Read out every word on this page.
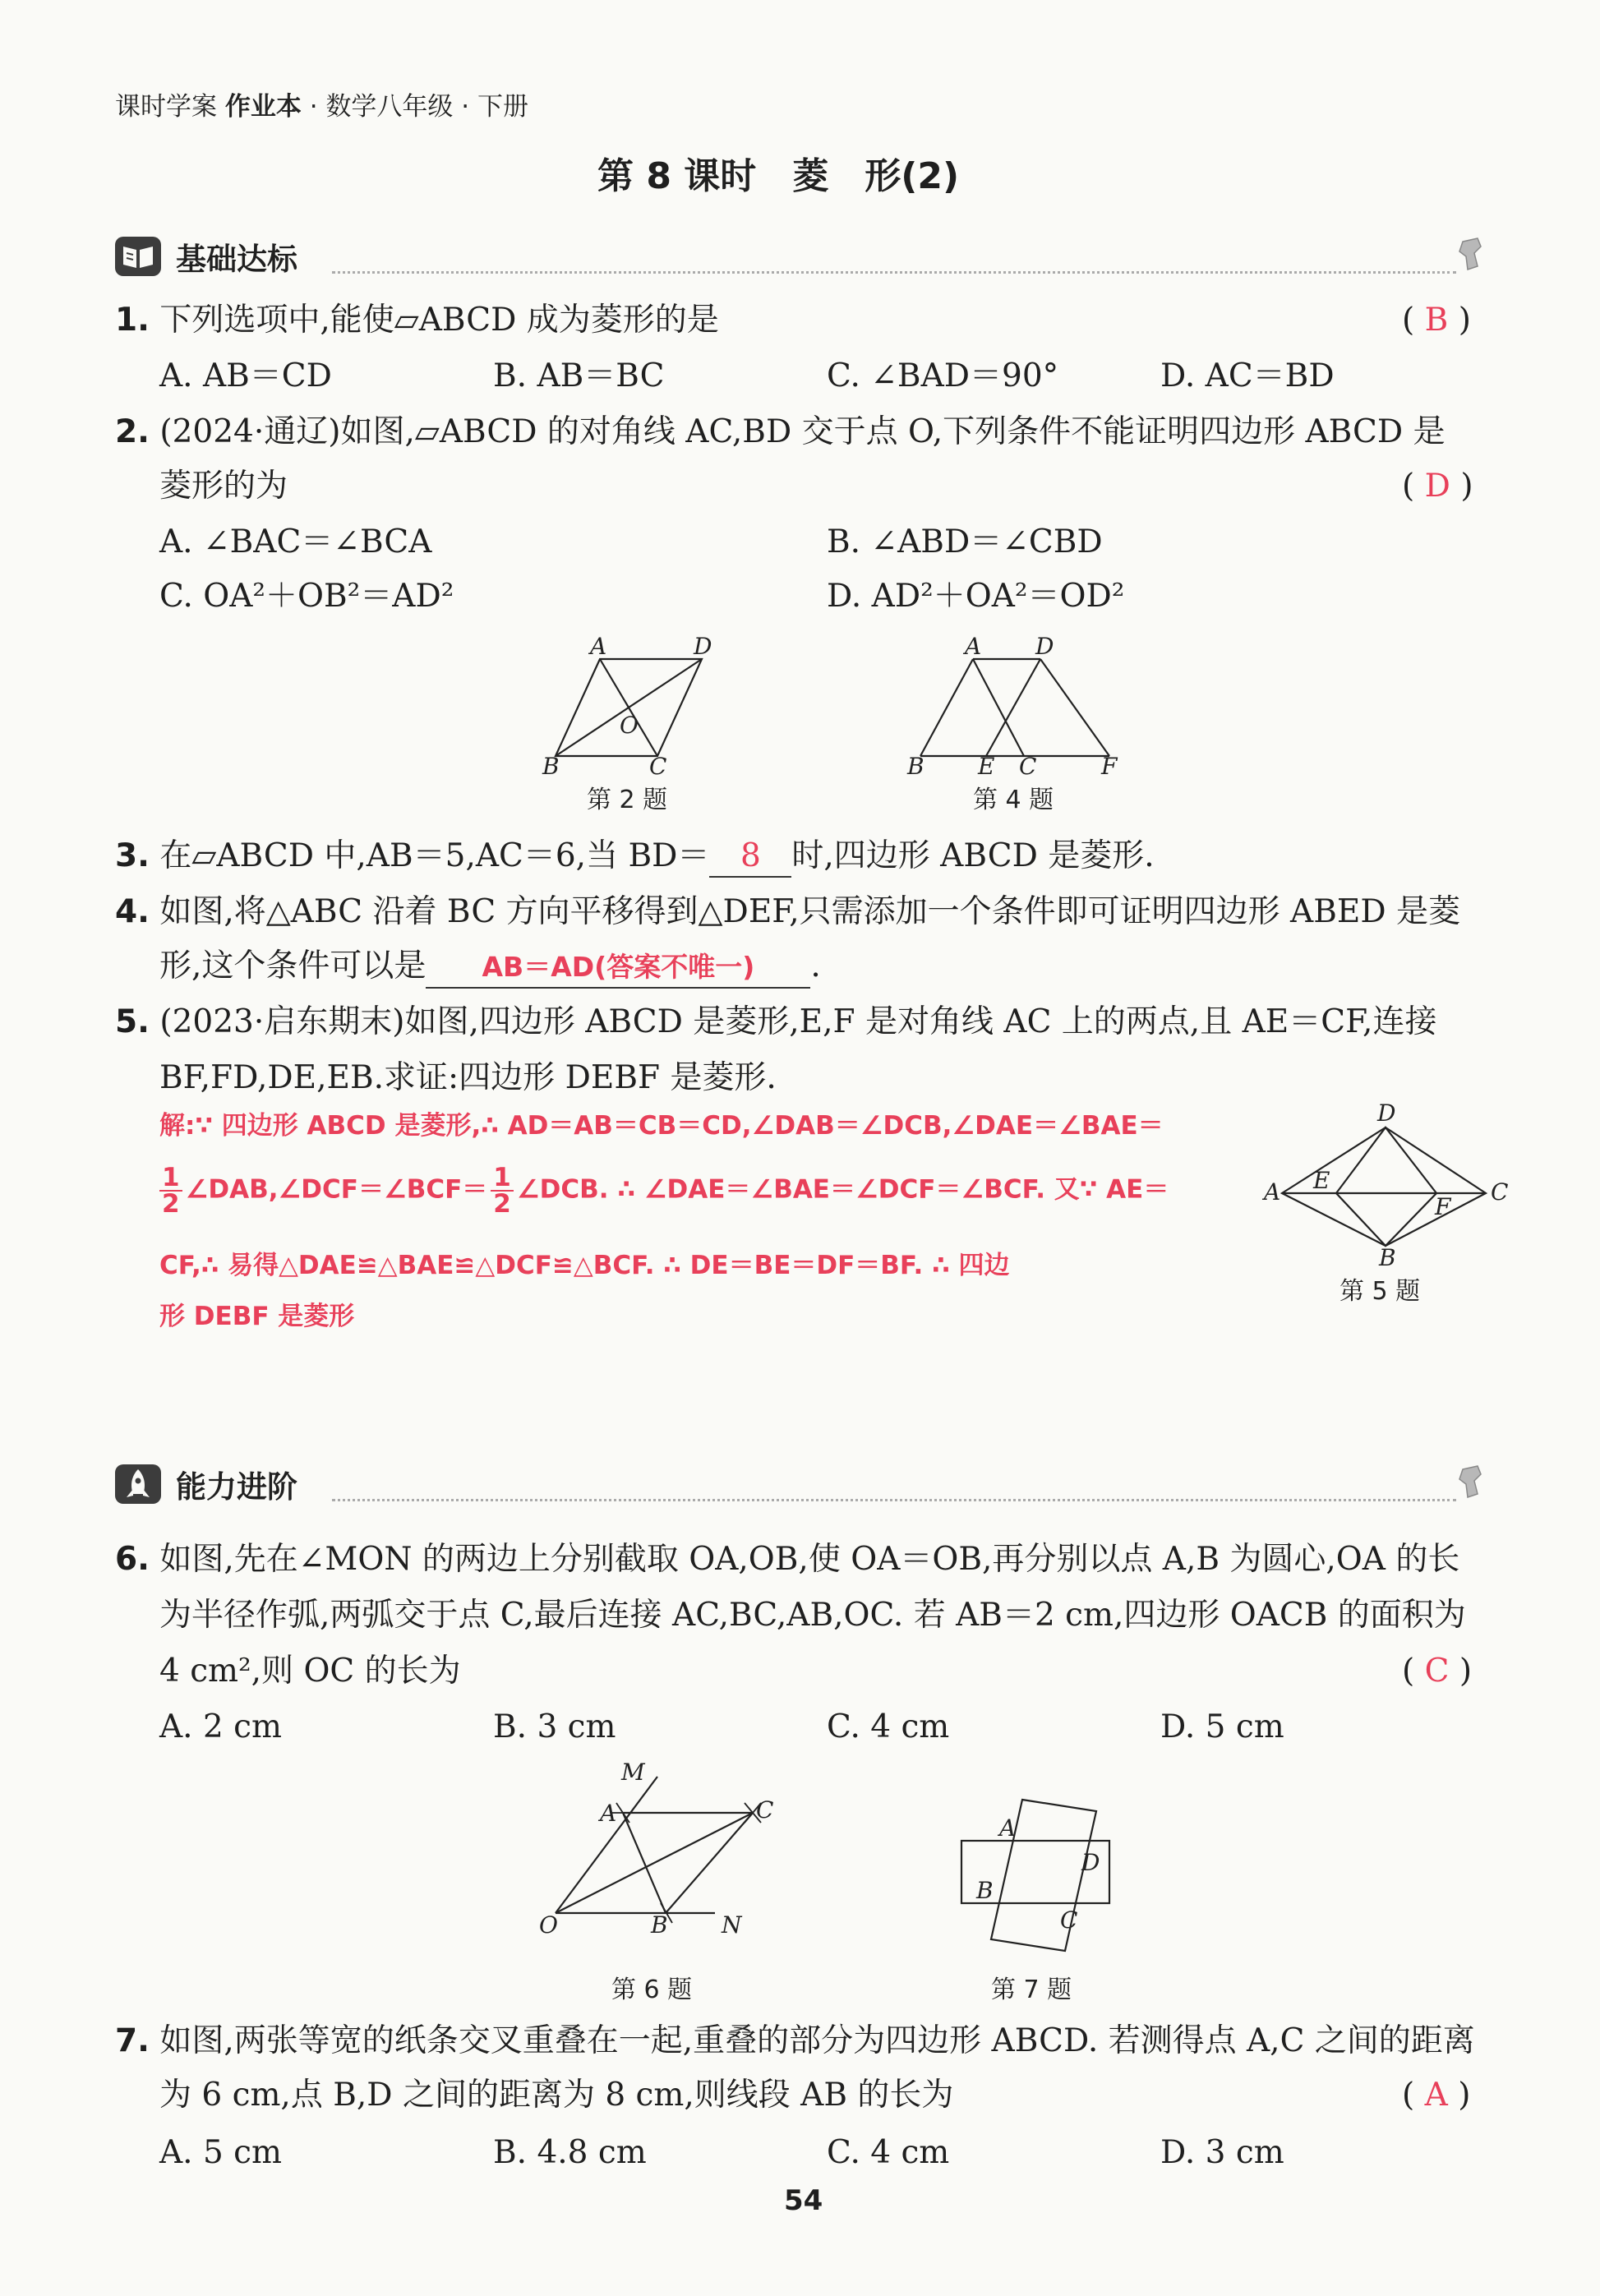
课时学案 作业本 · 数学八年级 · 下册
第 8 课时　菱　形(2)
基础达标
1. 下列选项中,能使▱ABCD 成为菱形的是	( B )
A. AB＝CD	B. AB＝BC	C. ∠BAD＝90°	D. AC＝BD
2. (2024·通辽)如图,▱ABCD 的对角线 AC,BD 交于点 O,下列条件不能证明四边形 ABCD 是
菱形的为	( D )
A. ∠BAC＝∠BCA	B. ∠ABD＝∠CBD
C. OA²＋OB²＝AD²	D. AD²＋OA²＝OD²
A	D
O
B	C
第 2 题
A D
B E C	F
第 4 题
3. 在▱ABCD 中,AB＝5,AC＝6,当 BD＝ 8 时,四边形 ABCD 是菱形.
4. 如图,将△ABC 沿着 BC 方向平移得到△DEF,只需添加一个条件即可证明四边形 ABED 是菱
形,这个条件可以是 AB＝AD(答案不唯一) .
5. (2023·启东期末)如图,四边形 ABCD 是菱形,E,F 是对角线 AC 上的两点,且 AE＝CF,连接
BF,FD,DE,EB.求证:四边形 DEBF 是菱形.
解:∵ 四边形 ABCD 是菱形,∴ AD＝AB＝CB＝CD,∠DAB＝∠DCB,∠DAE＝∠BAE＝
$\frac{1}{2}$ ∠DAB,∠DCF＝∠BCF＝ $\frac{1}{2}$ ∠DCB. ∴ ∠DAE＝∠BAE＝∠DCF＝∠BCF. 又∵ AE＝
CF,∴ 易得△DAE≌△BAE≌△DCF≌△BCF. ∴ DE＝BE＝DF＝BF. ∴ 四边
形 DEBF 是菱形
D
A E
F
C
B
第 5 题
能力进阶
6. 如图,先在∠MON 的两边上分别截取 OA,OB,使 OA＝OB,再分别以点 A,B 为圆心,OA 的长
为半径作弧,两弧交于点 C,最后连接 AC,BC,AB,OC. 若 AB＝2 cm,四边形 OACB 的面积为
4 cm²,则 OC 的长为	( C )
A. 2 cm	B. 3 cm	C. 4 cm	D. 5 cm
M
A	C
O	B N
第 6 题
A
D
B
C
第 7 题
7. 如图,两张等宽的纸条交叉重叠在一起,重叠的部分为四边形 ABCD. 若测得点 A,C 之间的距离
为 6 cm,点 B,D 之间的距离为 8 cm,则线段 AB 的长为	( A )
A. 5 cm	B. 4.8 cm	C. 4 cm	D. 3 cm
54
